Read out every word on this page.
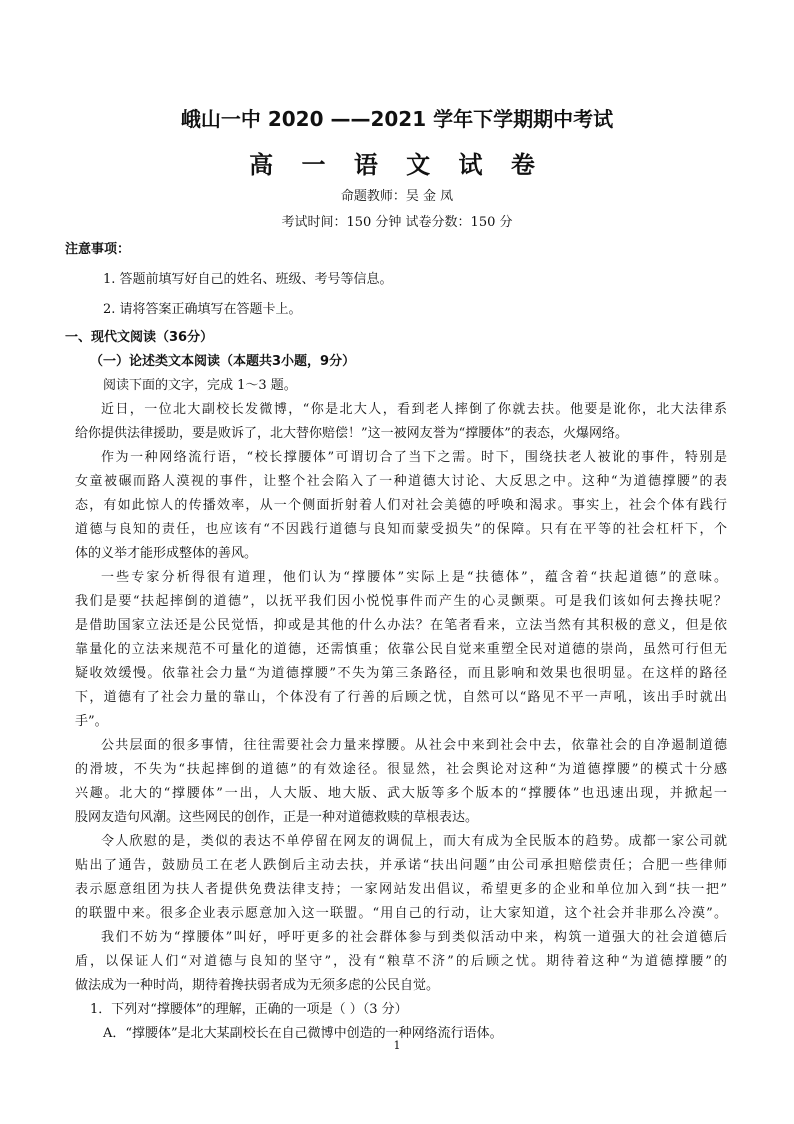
峨山一中 2020 ——2021 学年下学期期中考试
高 一 语 文 试 卷
命题教师：吴 金 凤
考试时间：150 分钟 试卷分数：150 分
注意事项：
1. 答题前填写好自己的姓名、班级、考号等信息。
2. 请将答案正确填写在答题卡上。
一、现代文阅读（36分）
（一）论述类文本阅读（本题共3小题，9分）
阅读下面的文字，完成 1～3 题。
近日，一位北大副校长发微博，“你是北大人，看到老人摔倒了你就去扶。他要是讹你，北大法律系
给你提供法律援助，要是败诉了，北大替你赔偿！”这一被网友誉为“撑腰体”的表态，火爆网络。
作为一种网络流行语，“校长撑腰体”可谓切合了当下之需。时下，围绕扶老人被讹的事件，特别是
女童被碾而路人漠视的事件，让整个社会陷入了一种道德大讨论、大反思之中。这种“为道德撑腰”的表
态，有如此惊人的传播效率，从一个侧面折射着人们对社会美德的呼唤和渴求。事实上，社会个体有践行
道德与良知的责任，也应该有“不因践行道德与良知而蒙受损失”的保障。只有在平等的社会杠杆下，个
体的义举才能形成整体的善风。
一些专家分析得很有道理，他们认为“撑腰体”实际上是“扶德体”，蕴含着“扶起道德”的意味。
我们是要“扶起摔倒的道德”，以抚平我们因小悦悦事件而产生的心灵颤栗。可是我们该如何去搀扶呢？
是借助国家立法还是公民觉悟，抑或是其他的什么办法？在笔者看来，立法当然有其积极的意义，但是依
靠量化的立法来规范不可量化的道德，还需慎重；依靠公民自觉来重塑全民对道德的崇尚，虽然可行但无
疑收效缓慢。依靠社会力量“为道德撑腰”不失为第三条路径，而且影响和效果也很明显。在这样的路径
下，道德有了社会力量的靠山，个体没有了行善的后顾之忧，自然可以“路见不平一声吼，该出手时就出
手”。
公共层面的很多事情，往往需要社会力量来撑腰。从社会中来到社会中去，依靠社会的自净遏制道德
的滑坡，不失为“扶起摔倒的道德”的有效途径。很显然，社会舆论对这种“为道德撑腰”的模式十分感
兴趣。北大的“撑腰体”一出，人大版、地大版、武大版等多个版本的“撑腰体”也迅速出现，并掀起一
股网友造句风潮。这些网民的创作，正是一种对道德救赎的草根表达。
令人欣慰的是，类似的表达不单停留在网友的调侃上，而大有成为全民版本的趋势。成都一家公司就
贴出了通告，鼓励员工在老人跌倒后主动去扶，并承诺“扶出问题”由公司承担赔偿责任；合肥一些律师
表示愿意组团为扶人者提供免费法律支持；一家网站发出倡议，希望更多的企业和单位加入到“扶一把”
的联盟中来。很多企业表示愿意加入这一联盟。“用自己的行动，让大家知道，这个社会并非那么冷漠”。
我们不妨为“撑腰体”叫好，呼吁更多的社会群体参与到类似活动中来，构筑一道强大的社会道德后
盾，以保证人们“对道德与良知的坚守”，没有“粮草不济”的后顾之忧。期待着这种“为道德撑腰”的
做法成为一种时尚，期待着搀扶弱者成为无须多虑的公民自觉。
1．下列对“撑腰体”的理解，正确的一项是（ ）（3 分）
A．“撑腰体”是北大某副校长在自己微博中创造的一种网络流行语体。
1
